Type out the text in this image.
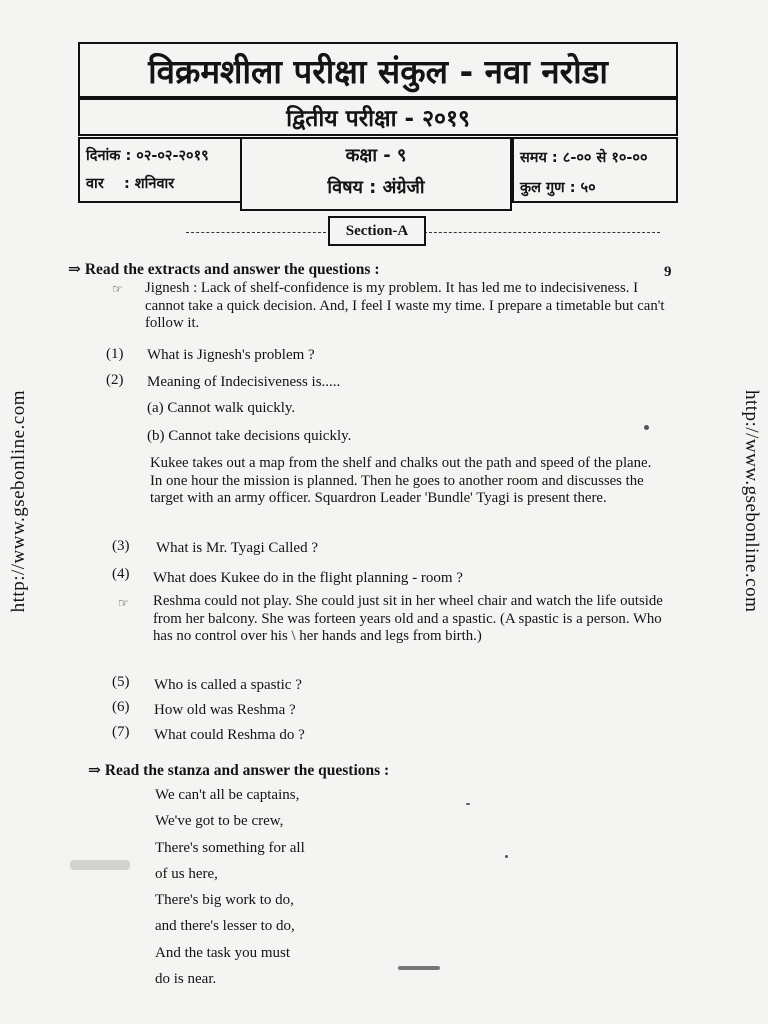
http://www.gsebonline.com	http://www.gsebonline.com
विक्रमशीला परीक्षा संकुल - नवा नरोडा
द्वितीय परीक्षा - २०१९
दिनांक : ०२-०२-२०१९
वार    : शनिवार
कक्षा - ९
विषय : अंग्रेजी
समय : ८-०० से १०-००
कुल गुण : ५०
Section-A
⇒ Read the extracts and answer the questions :	9
☞ Jignesh : Lack of shelf-confidence is my problem. It has led me to indecisiveness. I cannot take a quick decision. And, I feel I waste my time. I prepare a timetable but can't follow it.
(1) What is Jignesh's problem ?
(2) Meaning of Indecisiveness is.....
(a) Cannot walk quickly.
(b) Cannot take decisions quickly.
Kukee takes out a map from the shelf and chalks out the path and speed of the plane. In one hour the mission is planned. Then he goes to another room and discusses the target with an army officer. Squardron Leader 'Bundle' Tyagi is present there.
(3) What is Mr. Tyagi Called ?
(4) What does Kukee do in the flight planning - room ?
☞ Reshma could not play. She could just sit in her wheel chair and watch the life outside from her balcony. She was forteen years old and a spastic. (A spastic is a person. Who has no control over his \ her hands and legs from birth.)
(5) Who is called a spastic ?
(6) How old was Reshma ?
(7) What could Reshma do ?
⇒ Read the stanza and answer the questions :
We can't all be captains,
We've got to be crew,
There's something for all
of us here,
There's big work to do,
and there's lesser to do,
And the task you must
do is near.
